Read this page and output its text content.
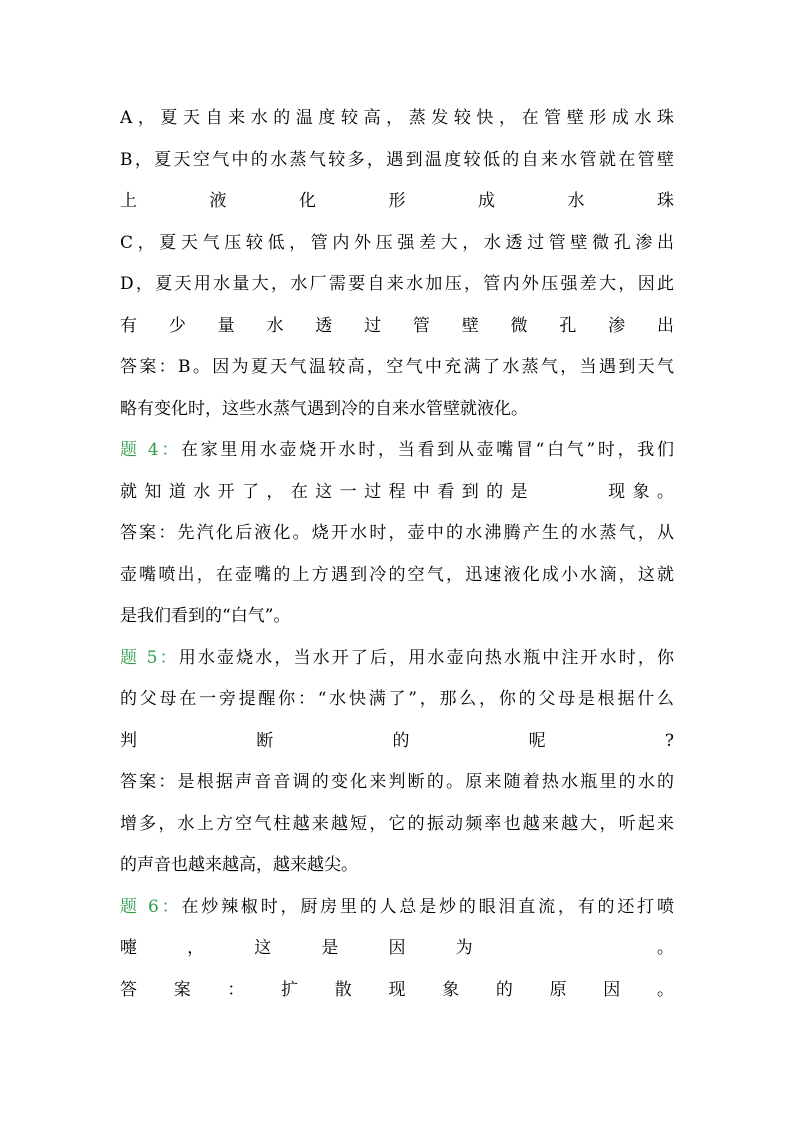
A，夏天自来水的温度较高，蒸发较快，在管壁形成水珠
B，夏天空气中的水蒸气较多，遇到温度较低的自来水管就在管壁
上 液 化 形 成 水 珠
C，夏天气压较低，管内外压强差大，水透过管壁微孔渗出
D，夏天用水量大，水厂需要自来水加压，管内外压强差大，因此
有 少 量 水 透 过 管 壁 微 孔 渗 出
答案：B。因为夏天气温较高，空气中充满了水蒸气，当遇到天气
略有变化时，这些水蒸气遇到冷的自来水管壁就液化。
题 4：在家里用水壶烧开水时，当看到从壶嘴冒“白气”时，我们
就知道水开了，在这一过程中看到的是　　　现象。
答案：先汽化后液化。烧开水时，壶中的水沸腾产生的水蒸气，从
壶嘴喷出，在壶嘴的上方遇到冷的空气，迅速液化成小水滴，这就
是我们看到的“白气”。
题 5：用水壶烧水，当水开了后，用水壶向热水瓶中注开水时，你
的父母在一旁提醒你：“水快满了”，那么，你的父母是根据什么
判 断 的 呢 ?
答案：是根据声音音调的变化来判断的。原来随着热水瓶里的水的
增多，水上方空气柱越来越短，它的振动频率也越来越大，听起来
的声音也越来越高，越来越尖。
题 6：在炒辣椒时，厨房里的人总是炒的眼泪直流，有的还打喷
嚏 ， 这 是 因 为 　 　 。
答 案 ： 扩 散 现 象 的 原 因 。
